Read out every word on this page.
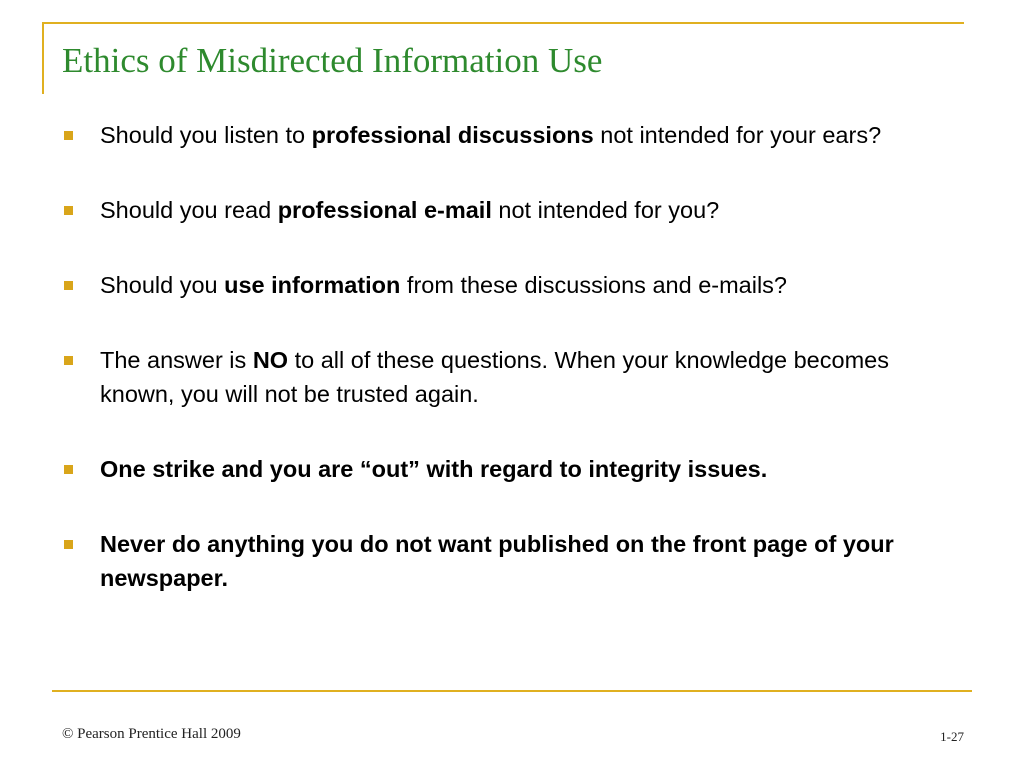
Ethics of Misdirected Information Use
Should you listen to professional discussions not intended for your ears?
Should you read professional e-mail not intended for you?
Should you use information from these discussions and e-mails?
The answer is NO to all of these questions. When your knowledge becomes known, you will not be trusted again.
One strike and you are “out” with regard to integrity issues.
Never do anything you do not want published on the front page of your newspaper.
© Pearson Prentice Hall 2009	1-27
